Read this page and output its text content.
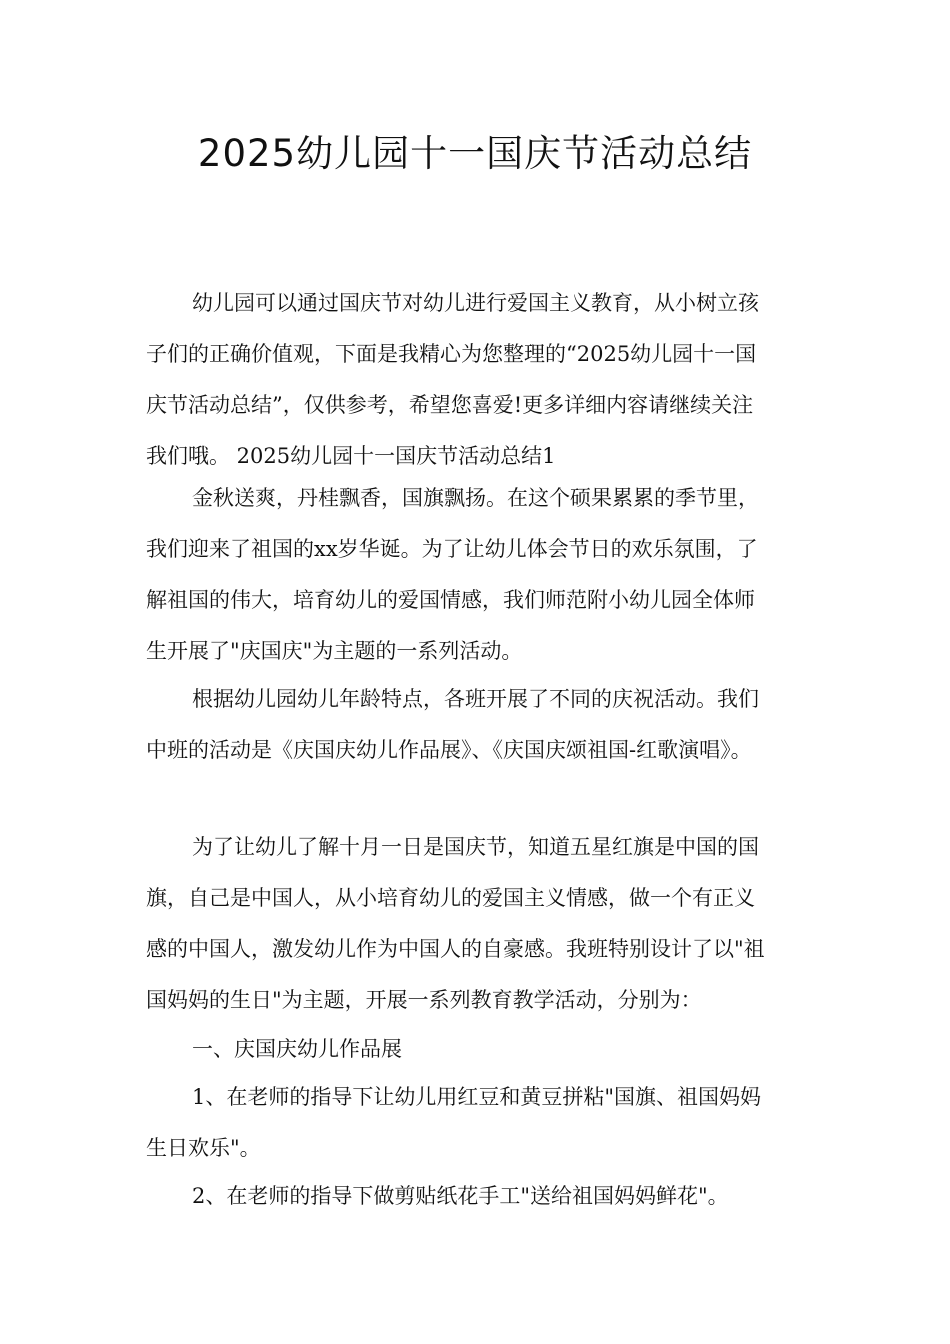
2025幼儿园十一国庆节活动总结
幼儿园可以通过国庆节对幼儿进行爱国主义教育，从小树立孩
子们的正确价值观，下面是我精心为您整理的“2025幼儿园十一国
庆节活动总结”，仅供参考，希望您喜爱!更多详细内容请继续关注
我们哦。 2025幼儿园十一国庆节活动总结1
金秋送爽，丹桂飘香，国旗飘扬。在这个硕果累累的季节里，
我们迎来了祖国的xx岁华诞。为了让幼儿体会节日的欢乐氛围，了
解祖国的伟大，培育幼儿的爱国情感，我们师范附小幼儿园全体师
生开展了"庆国庆"为主题的一系列活动。
根据幼儿园幼儿年龄特点，各班开展了不同的庆祝活动。我们
中班的活动是《庆国庆幼儿作品展》、《庆国庆颂祖国-红歌演唱》。
为了让幼儿了解十月一日是国庆节，知道五星红旗是中国的国
旗，自己是中国人，从小培育幼儿的爱国主义情感，做一个有正义
感的中国人，激发幼儿作为中国人的自豪感。我班特别设计了以"祖
国妈妈的生日"为主题，开展一系列教育教学活动，分别为：
一、庆国庆幼儿作品展
1、在老师的指导下让幼儿用红豆和黄豆拼粘"国旗、祖国妈妈
生日欢乐"。
2、在老师的指导下做剪贴纸花手工"送给祖国妈妈鲜花"。
